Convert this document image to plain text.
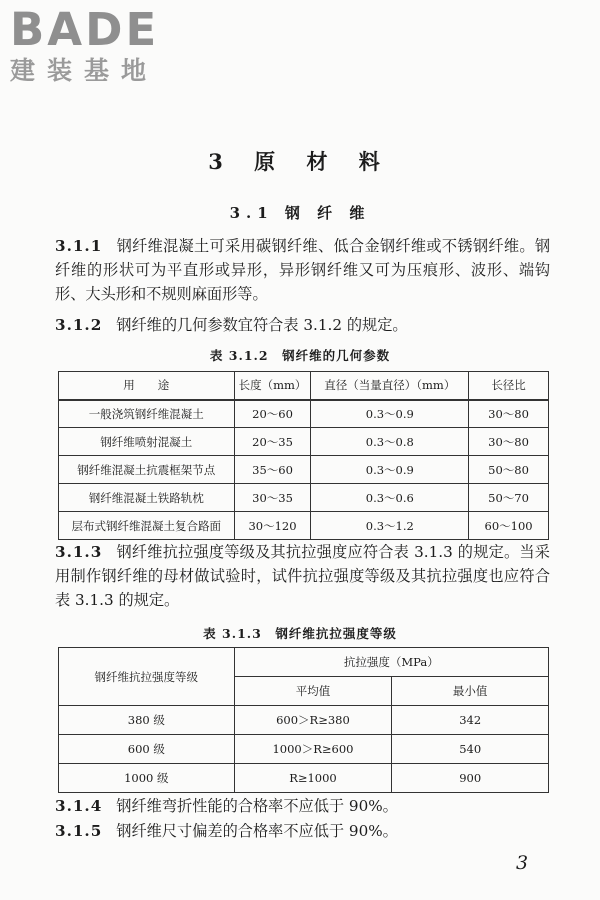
BADE
建装基地
3 原 材 料
3.1 钢 纤 维
3.1.1 钢纤维混凝土可采用碳钢纤维、低合金钢纤维或不锈钢纤维。钢纤维的形状可为平直形或异形，异形钢纤维又可为压痕形、波形、端钩形、大头形和不规则麻面形等。
3.1.2 钢纤维的几何参数宜符合表 3.1.2 的规定。
表 3.1.2　钢纤维的几何参数
用　　途	长度（mm）	直径（当量直径）（mm）	长径比
一般浇筑钢纤维混凝土	20～60	0.3～0.9	30～80
钢纤维喷射混凝土	20～35	0.3～0.8	30～80
钢纤维混凝土抗震框架节点	35～60	0.3～0.9	50～80
钢纤维混凝土铁路轨枕	30～35	0.3～0.6	50～70
层布式钢纤维混凝土复合路面	30～120	0.3～1.2	60～100
3.1.3 钢纤维抗拉强度等级及其抗拉强度应符合表 3.1.3 的规定。当采用制作钢纤维的母材做试验时，试件抗拉强度等级及其抗拉强度也应符合表 3.1.3 的规定。
表 3.1.3　钢纤维抗拉强度等级
钢纤维抗拉强度等级	抗拉强度（MPa）	
	平均值	最小值
380 级	600＞R≥380	342
600 级	1000＞R≥600	540
1000 级	R≥1000	900
3.1.4 钢纤维弯折性能的合格率不应低于 90%。
3.1.5 钢纤维尺寸偏差的合格率不应低于 90%。
3
